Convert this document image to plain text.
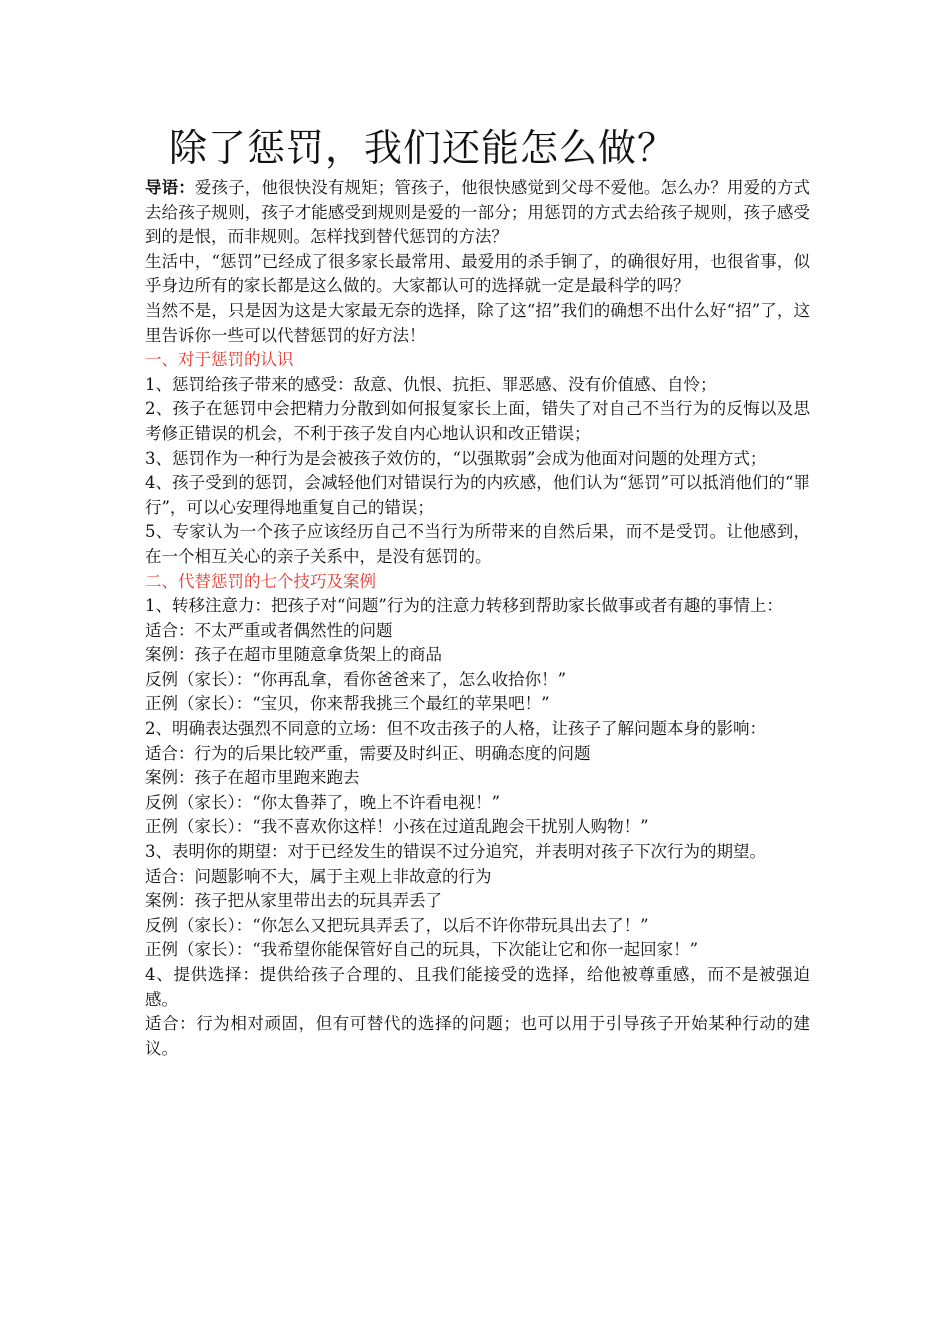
除了惩罚，我们还能怎么做？

导语：爱孩子，他很快没有规矩；管孩子，他很快感觉到父母不爱他。怎么办？用爱的方式去给孩子规则，孩子才能感受到规则是爱的一部分；用惩罚的方式去给孩子规则，孩子感受到的是恨，而非规则。怎样找到替代惩罚的方法？

生活中，“惩罚”已经成了很多家长最常用、最爱用的杀手锏了，的确很好用，也很省事，似乎身边所有的家长都是这么做的。大家都认可的选择就一定是最科学的吗？

当然不是，只是因为这是大家最无奈的选择，除了这“招”我们的确想不出什么好“招”了，这里告诉你一些可以代替惩罚的好方法！

一、对于惩罚的认识

1、惩罚给孩子带来的感受：敌意、仇恨、抗拒、罪恶感、没有价值感、自怜；

2、孩子在惩罚中会把精力分散到如何报复家长上面，错失了对自己不当行为的反悔以及思考修正错误的机会，不利于孩子发自内心地认识和改正错误；

3、惩罚作为一种行为是会被孩子效仿的，“以强欺弱”会成为他面对问题的处理方式；

4、孩子受到的惩罚，会减轻他们对错误行为的内疚感，他们认为“惩罚”可以抵消他们的“罪行”，可以心安理得地重复自己的错误；

5、专家认为一个孩子应该经历自己不当行为所带来的自然后果，而不是受罚。让他感到，在一个相互关心的亲子关系中，是没有惩罚的。

二、代替惩罚的七个技巧及案例

1、转移注意力：把孩子对“问题”行为的注意力转移到帮助家长做事或者有趣的事情上：

适合：不太严重或者偶然性的问题

案例：孩子在超市里随意拿货架上的商品

反例（家长）：“你再乱拿，看你爸爸来了，怎么收拾你！”

正例（家长）：“宝贝，你来帮我挑三个最红的苹果吧！”

2、明确表达强烈不同意的立场：但不攻击孩子的人格，让孩子了解问题本身的影响：

适合：行为的后果比较严重，需要及时纠正、明确态度的问题

案例：孩子在超市里跑来跑去

反例（家长）：“你太鲁莽了，晚上不许看电视！”

正例（家长）：“我不喜欢你这样！小孩在过道乱跑会干扰别人购物！”

3、表明你的期望：对于已经发生的错误不过分追究，并表明对孩子下次行为的期望。

适合：问题影响不大，属于主观上非故意的行为

案例：孩子把从家里带出去的玩具弄丢了

反例（家长）：“你怎么又把玩具弄丢了，以后不许你带玩具出去了！”

正例（家长）：“我希望你能保管好自己的玩具，下次能让它和你一起回家！”

4、提供选择：提供给孩子合理的、且我们能接受的选择，给他被尊重感，而不是被强迫感。

适合：行为相对顽固，但有可替代的选择的问题；也可以用于引导孩子开始某种行动的建议。
